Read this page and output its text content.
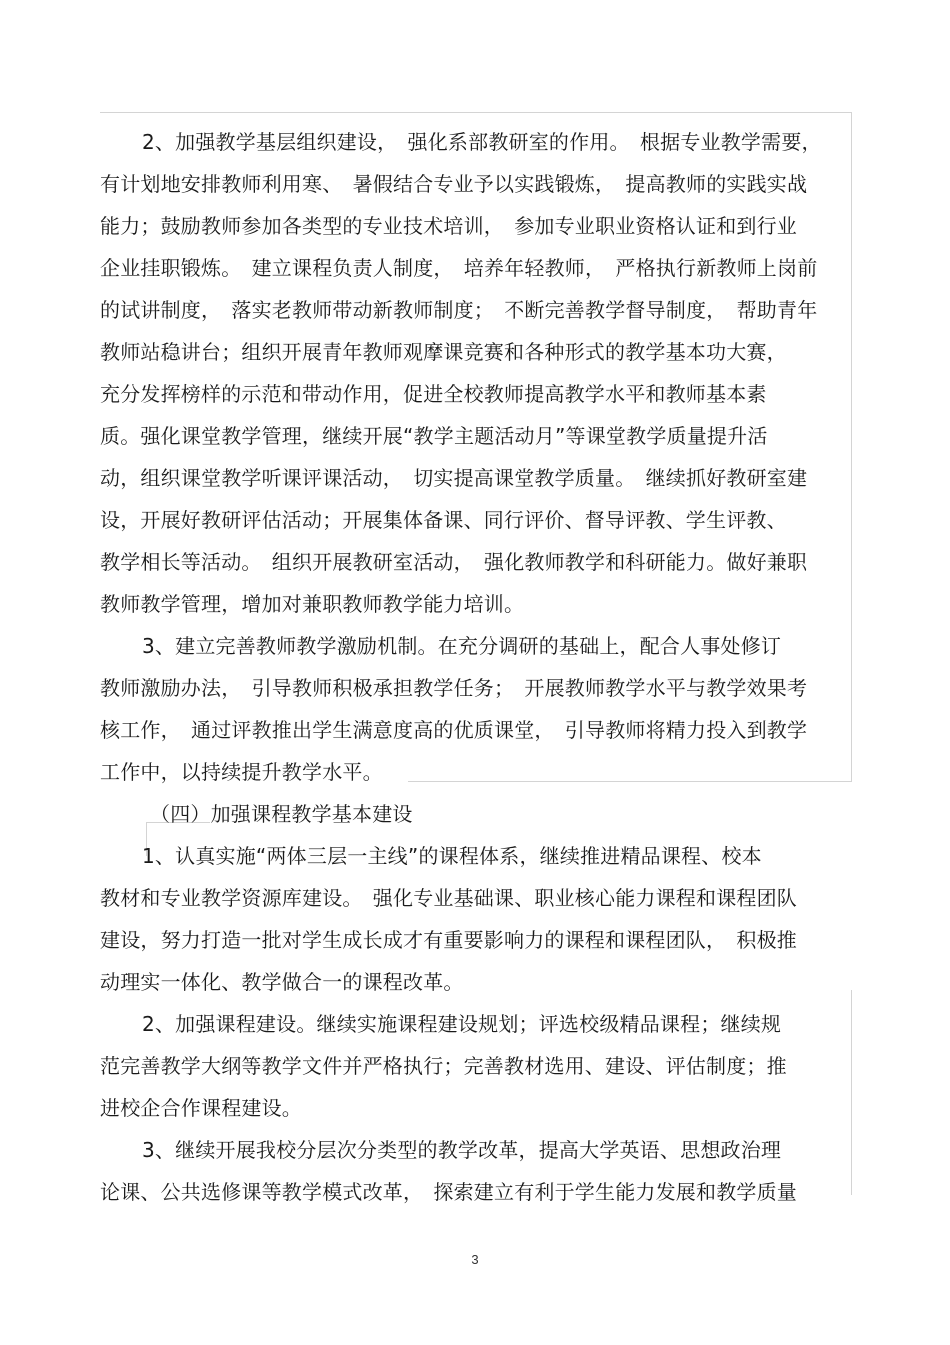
2、加强教学基层组织建设，　强化系部教研室的作用。　根据专业教学需要，
有计划地安排教师利用寒、　暑假结合专业予以实践锻炼，　提高教师的实践实战
能力；鼓励教师参加各类型的专业技术培训，　参加专业职业资格认证和到行业
企业挂职锻炼。　建立课程负责人制度，　培养年轻教师，　严格执行新教师上岗前
的试讲制度，　落实老教师带动新教师制度；　不断完善教学督导制度，　帮助青年
教师站稳讲台；组织开展青年教师观摩课竞赛和各种形式的教学基本功大赛，
充分发挥榜样的示范和带动作用，促进全校教师提高教学水平和教师基本素
质。强化课堂教学管理，继续开展“教学主题活动月”等课堂教学质量提升活
动，组织课堂教学听课评课活动，　切实提高课堂教学质量。　继续抓好教研室建
设，开展好教研评估活动；开展集体备课、同行评价、督导评教、学生评教、
教学相长等活动。　组织开展教研室活动，　强化教师教学和科研能力。做好兼职
教师教学管理，增加对兼职教师教学能力培训。
3、建立完善教师教学激励机制。在充分调研的基础上，配合人事处修订
教师激励办法，　引导教师积极承担教学任务；　开展教师教学水平与教学效果考
核工作，　通过评教推出学生满意度高的优质课堂，　引导教师将精力投入到教学
工作中，以持续提升教学水平。
（四）加强课程教学基本建设
1、认真实施“两体三层一主线”的课程体系，继续推进精品课程、校本
教材和专业教学资源库建设。　强化专业基础课、职业核心能力课程和课程团队
建设，努力打造一批对学生成长成才有重要影响力的课程和课程团队，　积极推
动理实一体化、教学做合一的课程改革。
2、加强课程建设。继续实施课程建设规划；评选校级精品课程；继续规
范完善教学大纲等教学文件并严格执行；完善教材选用、建设、评估制度；推
进校企合作课程建设。
3、继续开展我校分层次分类型的教学改革，提高大学英语、思想政治理
论课、公共选修课等教学模式改革，　探索建立有利于学生能力发展和教学质量
3
